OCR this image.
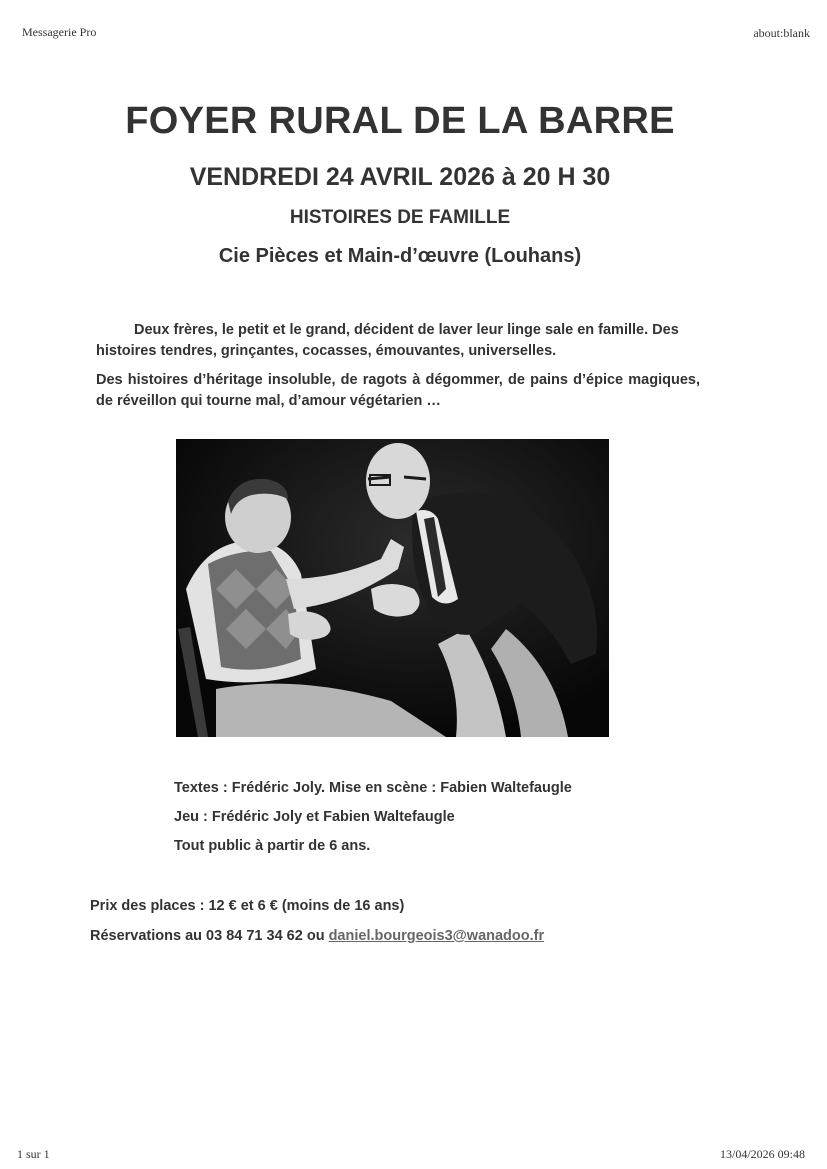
Messagerie Pro	about:blank
FOYER RURAL DE LA BARRE
VENDREDI 24 AVRIL 2026 à 20 H 30
HISTOIRES DE FAMILLE
Cie Pièces et Main-d’œuvre (Louhans)

Deux frères, le petit et le grand, décident de laver leur linge sale en famille. Des histoires tendres, grinçantes, cocasses, émouvantes, universelles.

Des histoires d’héritage insoluble, de ragots à dégommer, de pains d’épice magiques, de réveillon qui tourne mal, d’amour végétarien …

Textes : Frédéric Joly. Mise en scène : Fabien Waltefaugle
Jeu : Frédéric Joly et Fabien Waltefaugle
Tout public à partir de 6 ans.
Prix des places : 12 € et 6 € (moins de 16 ans)
Réservations au 03 84 71 34 62 ou daniel.bourgeois3@wanadoo.fr
1 sur 1	13/04/2026 09:48
